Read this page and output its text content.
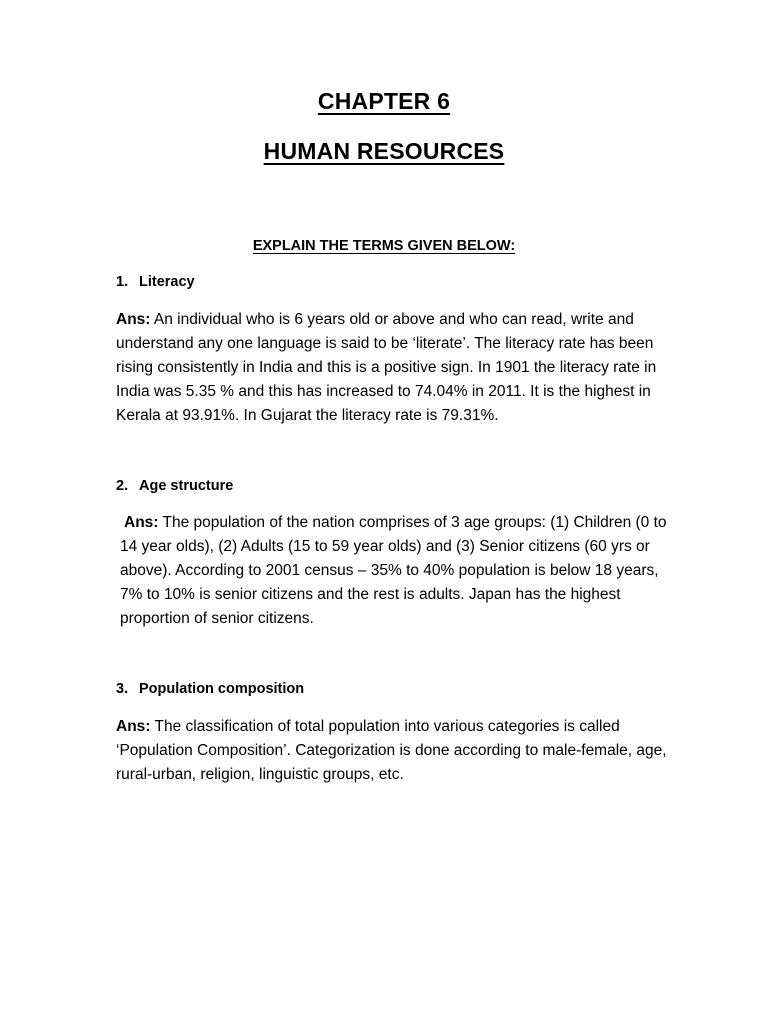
CHAPTER 6
HUMAN RESOURCES
EXPLAIN THE TERMS GIVEN BELOW:
1. Literacy
Ans: An individual who is 6 years old or above and who can read, write and understand any one language is said to be ‘literate’. The literacy rate has been rising consistently in India and this is a positive sign. In 1901 the literacy rate in India was 5.35 % and this has increased to 74.04% in 2011. It is the highest in Kerala at 93.91%. In Gujarat the literacy rate is 79.31%.
2. Age structure
Ans: The population of the nation comprises of 3 age groups: (1) Children (0 to 14 year olds), (2) Adults (15 to 59 year olds) and (3) Senior citizens (60 yrs or above). According to 2001 census – 35% to 40% population is below 18 years, 7% to 10% is senior citizens and the rest is adults. Japan has the highest proportion of senior citizens.
3. Population composition
Ans: The classification of total population into various categories is called ‘Population Composition’. Categorization is done according to male-female, age, rural-urban, religion, linguistic groups, etc.
